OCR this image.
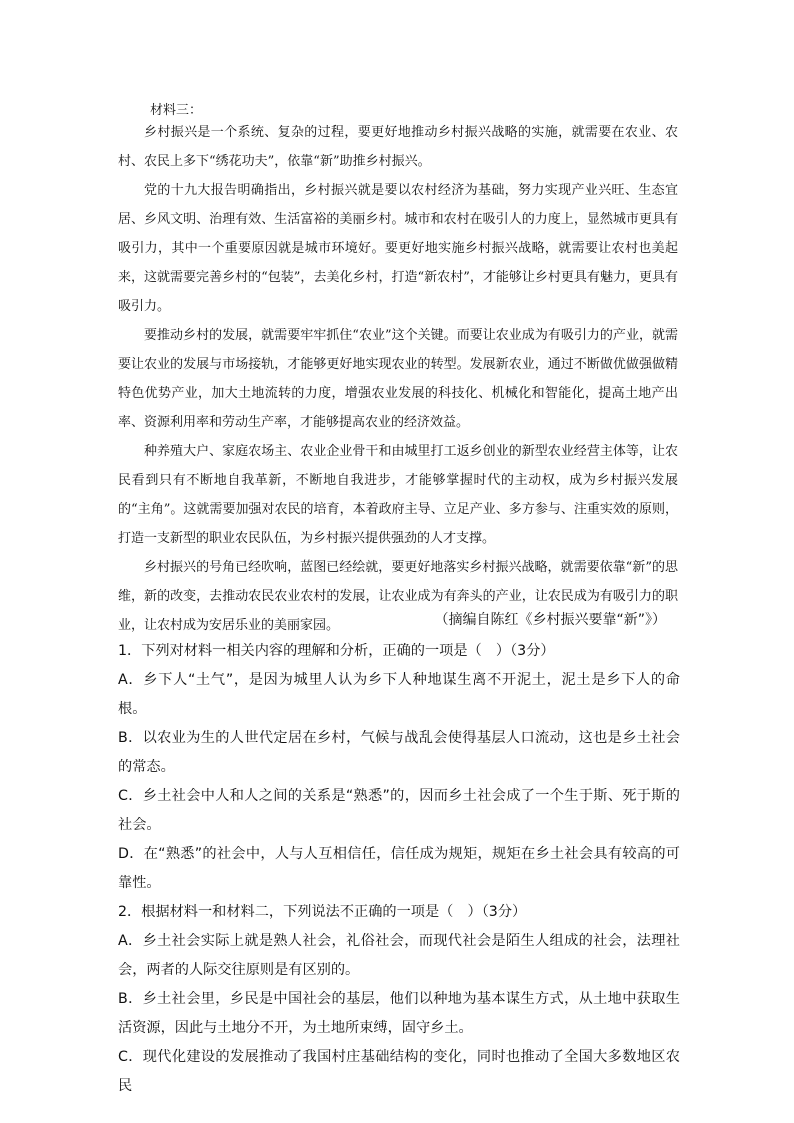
材料三：

乡村振兴是一个系统、复杂的过程，要更好地推动乡村振兴战略的实施，就需要在农业、农村、农民上多下“绣花功夫”，依靠“新”助推乡村振兴。

党的十九大报告明确指出，乡村振兴就是要以农村经济为基础，努力实现产业兴旺、生态宜居、乡风文明、治理有效、生活富裕的美丽乡村。城市和农村在吸引人的力度上，显然城市更具有吸引力，其中一个重要原因就是城市环境好。要更好地实施乡村振兴战略，就需要让农村也美起来，这就需要完善乡村的“包装”，去美化乡村，打造“新农村”，才能够让乡村更具有魅力，更具有吸引力。

要推动乡村的发展，就需要牢牢抓住“农业”这个关键。而要让农业成为有吸引力的产业，就需要让农业的发展与市场接轨，才能够更好地实现农业的转型。发展新农业，通过不断做优做强做精特色优势产业，加大土地流转的力度，增强农业发展的科技化、机械化和智能化，提高土地产出率、资源利用率和劳动生产率，才能够提高农业的经济效益。

种养殖大户、家庭农场主、农业企业骨干和由城里打工返乡创业的新型农业经营主体等，让农民看到只有不断地自我革新，不断地自我进步，才能够掌握时代的主动权，成为乡村振兴发展的“主角”。这就需要加强对农民的培育，本着政府主导、立足产业、多方参与、注重实效的原则，打造一支新型的职业农民队伍，为乡村振兴提供强劲的人才支撑。

乡村振兴的号角已经吹响，蓝图已经绘就，要更好地落实乡村振兴战略，就需要依靠“新”的思维，新的改变，去推动农民农业农村的发展，让农业成为有奔头的产业，让农民成为有吸引力的职业，让农村成为安居乐业的美丽家园。	（摘编自陈红《乡村振兴要靠“新”》）

1．下列对材料一相关内容的理解和分析，正确的一项是（　）（3分）

A．乡下人“土气”，是因为城里人认为乡下人种地谋生离不开泥土，泥土是乡下人的命根。

B．以农业为生的人世代定居在乡村，气候与战乱会使得基层人口流动，这也是乡土社会的常态。

C．乡土社会中人和人之间的关系是“熟悉”的，因而乡土社会成了一个生于斯、死于斯的社会。

D．在“熟悉”的社会中，人与人互相信任，信任成为规矩，规矩在乡土社会具有较高的可靠性。

2．根据材料一和材料二，下列说法不正确的一项是（　）（3分）

A．乡土社会实际上就是熟人社会，礼俗社会，而现代社会是陌生人组成的社会，法理社会，两者的人际交往原则是有区别的。

B．乡土社会里，乡民是中国社会的基层，他们以种地为基本谋生方式，从土地中获取生活资源，因此与土地分不开，为土地所束缚，固守乡土。

C．现代化建设的发展推动了我国村庄基础结构的变化，同时也推动了全国大多数地区农民
